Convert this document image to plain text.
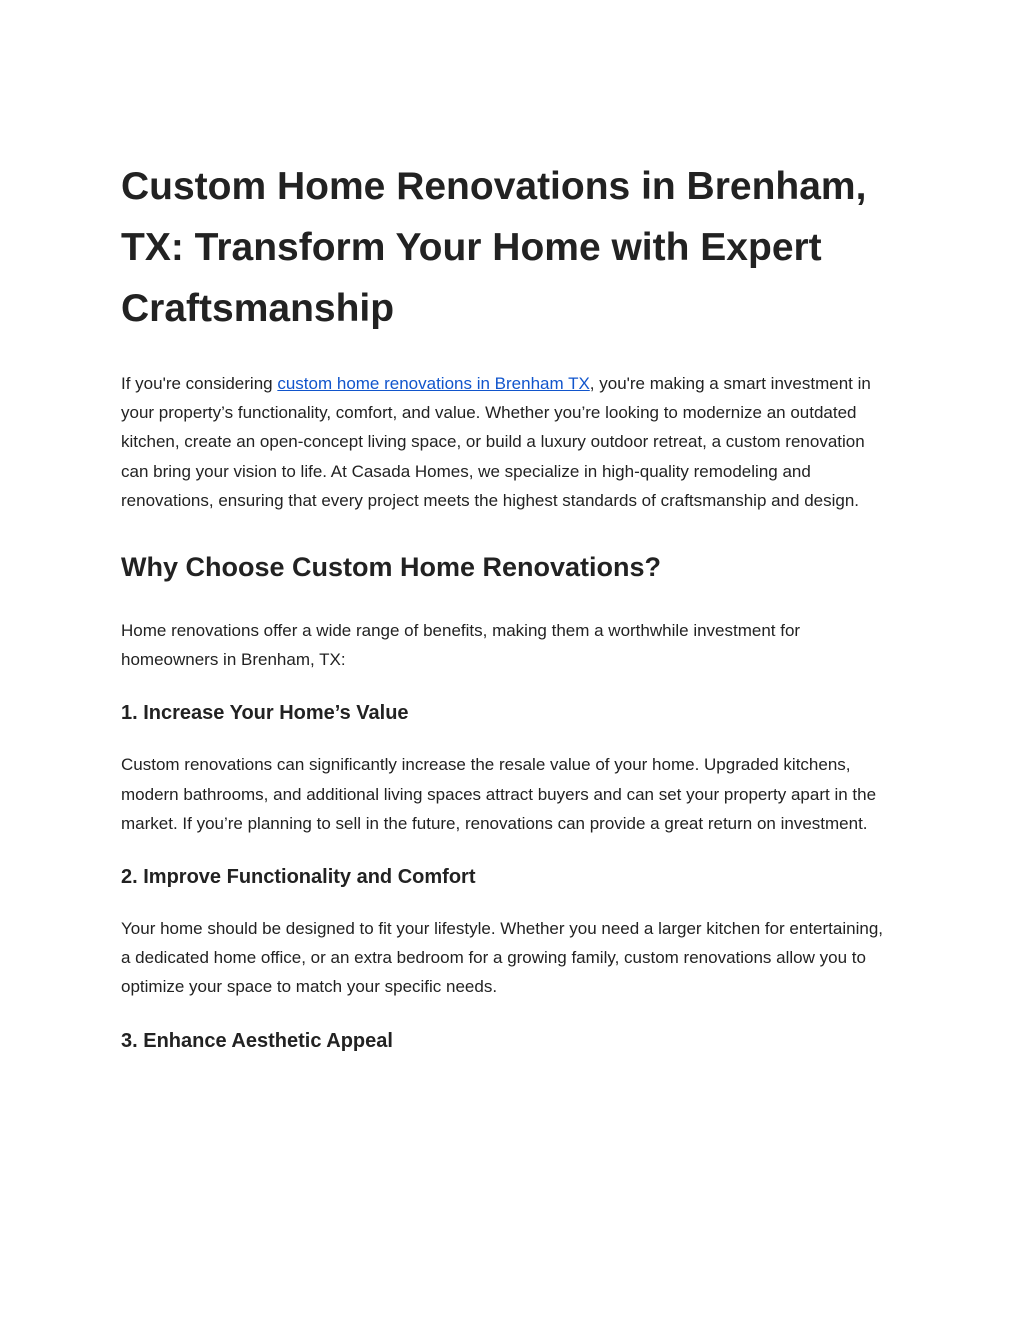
Custom Home Renovations in Brenham, TX: Transform Your Home with Expert Craftsmanship

If you're considering custom home renovations in Brenham TX, you're making a smart investment in your property’s functionality, comfort, and value. Whether you’re looking to modernize an outdated kitchen, create an open-concept living space, or build a luxury outdoor retreat, a custom renovation can bring your vision to life. At Casada Homes, we specialize in high-quality remodeling and renovations, ensuring that every project meets the highest standards of craftsmanship and design.

Why Choose Custom Home Renovations?

Home renovations offer a wide range of benefits, making them a worthwhile investment for homeowners in Brenham, TX:

1. Increase Your Home’s Value

Custom renovations can significantly increase the resale value of your home. Upgraded kitchens, modern bathrooms, and additional living spaces attract buyers and can set your property apart in the market. If you’re planning to sell in the future, renovations can provide a great return on investment.

2. Improve Functionality and Comfort

Your home should be designed to fit your lifestyle. Whether you need a larger kitchen for entertaining, a dedicated home office, or an extra bedroom for a growing family, custom renovations allow you to optimize your space to match your specific needs.

3. Enhance Aesthetic Appeal
